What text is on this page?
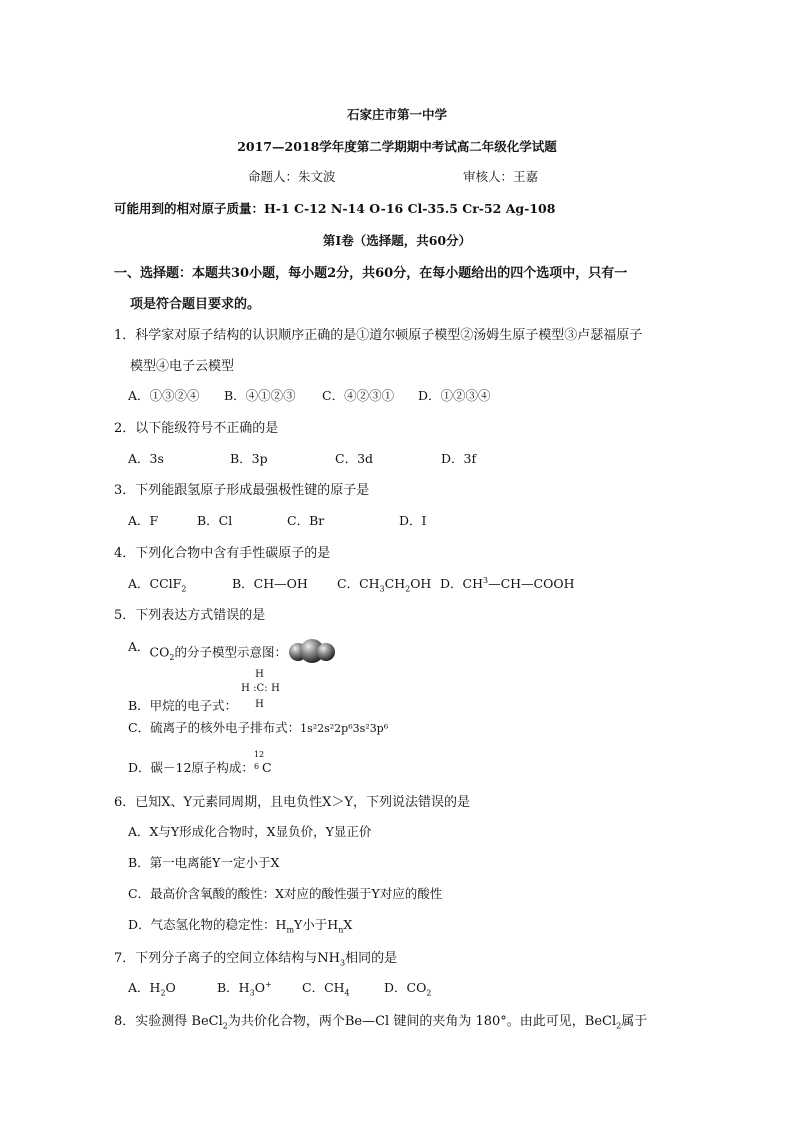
石家庄市第一中学
2017—2018学年度第二学期期中考试高二年级化学试题
命题人：朱文波	审核人：王嘉
可能用到的相对原子质量：H-1 C-12 N-14 O-16 Cl-35.5 Cr-52 Ag-108
第Ⅰ卷（选择题，共60分）
一、选择题：本题共30小题，每小题2分，共60分，在每小题给出的四个选项中，只有一
项是符合题目要求的。
1．科学家对原子结构的认识顺序正确的是①道尔顿原子模型②汤姆生原子模型③卢瑟福原子
模型④电子云模型
A．①③②④ B．④①②③ C．④②③① D．①②③④
2．以下能级符号不正确的是
A．3s	B．3p	C．3d	D．3f
3．下列能跟氢原子形成最强极性键的原子是
A．F	B．Cl	C．Br	D．I
4．下列化合物中含有手性碳原子的是
A．CClF$_2$	B．CH—OH C．$CH_3CH_2OH$ D．$CH^3—CH—COOH$
5．下列表达方式错误的是
A．$CO_2$的分子模型示意图：
B．甲烷的电子式：
H
H
:C:
H
H
C．硫离子的核外电子排布式：1s²2s²2p⁶3s²3p⁶
D．碳－12原子构成：
12
6 C
6．已知X、Y元素同周期，且电负性X＞Y，下列说法错误的是
A．X与Y形成化合物时，X显负价，Y显正价
B．第一电离能Y一定小于X
C．最高价含氧酸的酸性：X对应的酸性强于Y对应的酸性
D．气态氢化物的稳定性：$H_mY$小于$H_nX$
7．下列分子离子的空间立体结构与$NH_3$相同的是
A．$H_2O$	B．$H_3O^+$ C．$CH_4$	D．$CO_2$
8．实验测得 BeCl$_2$为共价化合物，两个Be—Cl 键间的夹角为 180°。由此可见，BeCl$_2$属于
